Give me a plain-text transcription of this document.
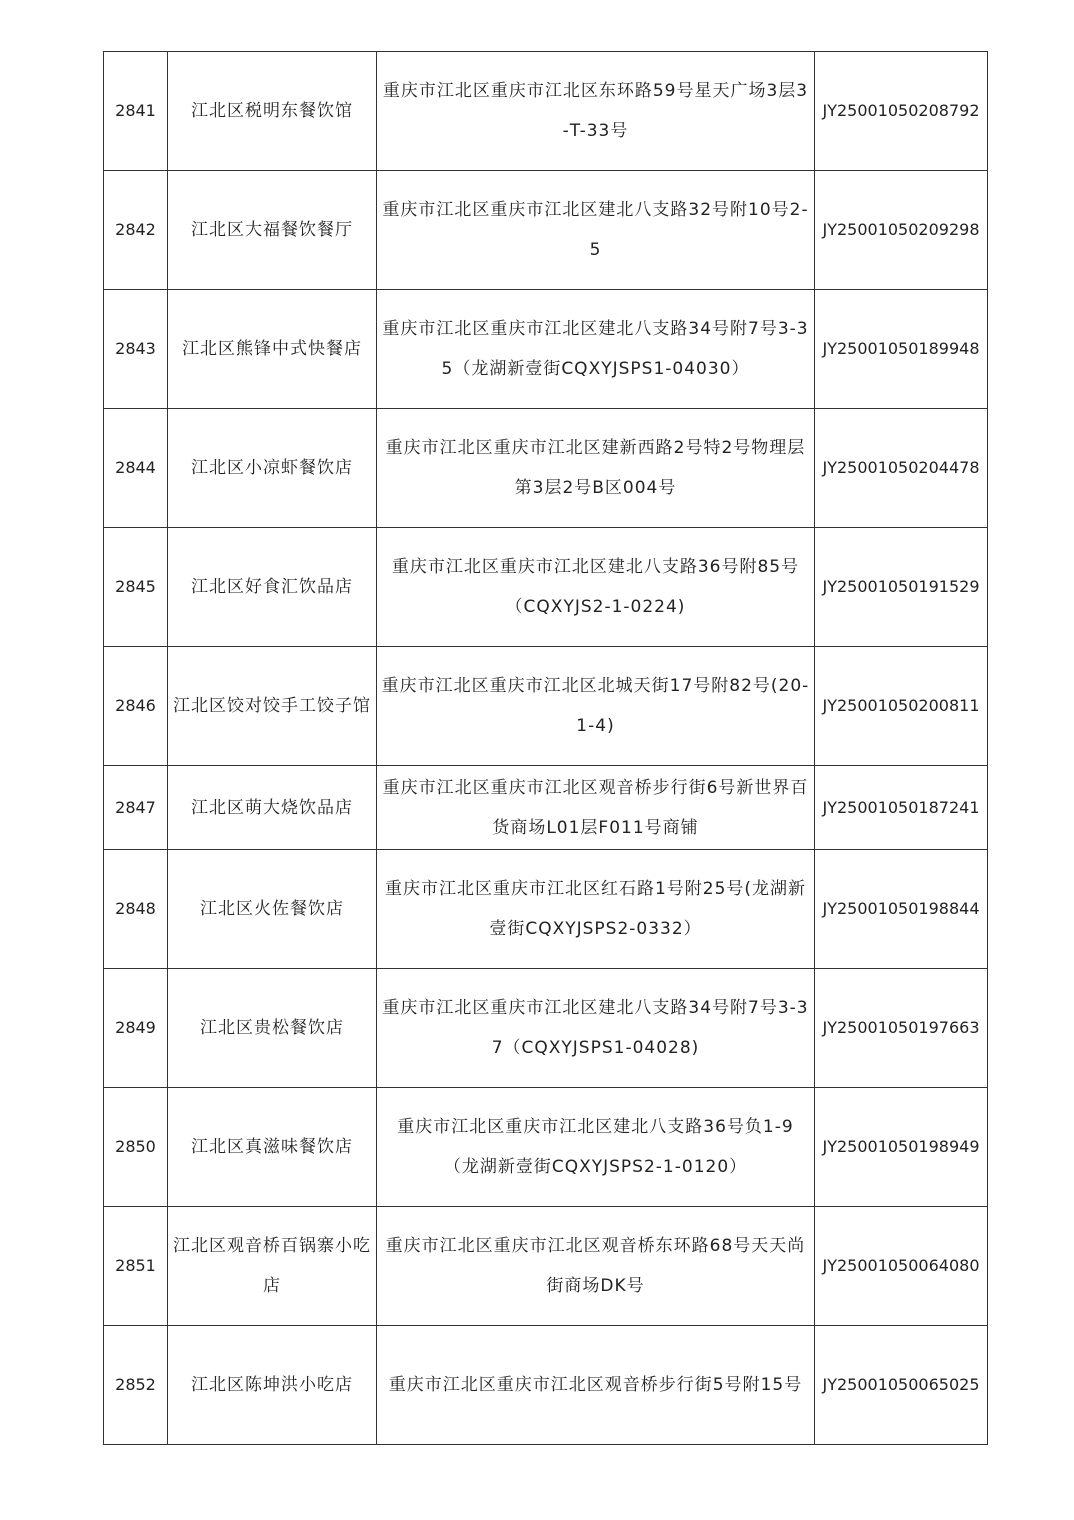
2841	江北区税明东餐饮馆	重庆市江北区重庆市江北区东环路59号星天广场3层3-T-33号	JY25001050208792
2842	江北区大福餐饮餐厅	重庆市江北区重庆市江北区建北八支路32号附10号2-5	JY25001050209298
2843	江北区熊锋中式快餐店	重庆市江北区重庆市江北区建北八支路34号附7号3-35（龙湖新壹街CQXYJSPS1-04030）	JY25001050189948
2844	江北区小凉虾餐饮店	重庆市江北区重庆市江北区建新西路2号特2号物理层第3层2号B区004号	JY25001050204478
2845	江北区好食汇饮品店	重庆市江北区重庆市江北区建北八支路36号附85号（CQXYJS2-1-0224)	JY25001050191529
2846	江北区饺对饺手工饺子馆	重庆市江北区重庆市江北区北城天街17号附82号(20-1-4)	JY25001050200811
2847	江北区萌大烧饮品店	重庆市江北区重庆市江北区观音桥步行街6号新世界百货商场L01层F011号商铺	JY25001050187241
2848	江北区火佐餐饮店	重庆市江北区重庆市江北区红石路1号附25号(龙湖新壹街CQXYJSPS2-0332）	JY25001050198844
2849	江北区贵松餐饮店	重庆市江北区重庆市江北区建北八支路34号附7号3-37（CQXYJSPS1-04028)	JY25001050197663
2850	江北区真滋味餐饮店	重庆市江北区重庆市江北区建北八支路36号负1-9（龙湖新壹街CQXYJSPS2-1-0120）	JY25001050198949
2851	江北区观音桥百锅寨小吃店	重庆市江北区重庆市江北区观音桥东环路68号天天尚街商场DK号	JY25001050064080
2852	江北区陈坤洪小吃店	重庆市江北区重庆市江北区观音桥步行街5号附15号	JY25001050065025
